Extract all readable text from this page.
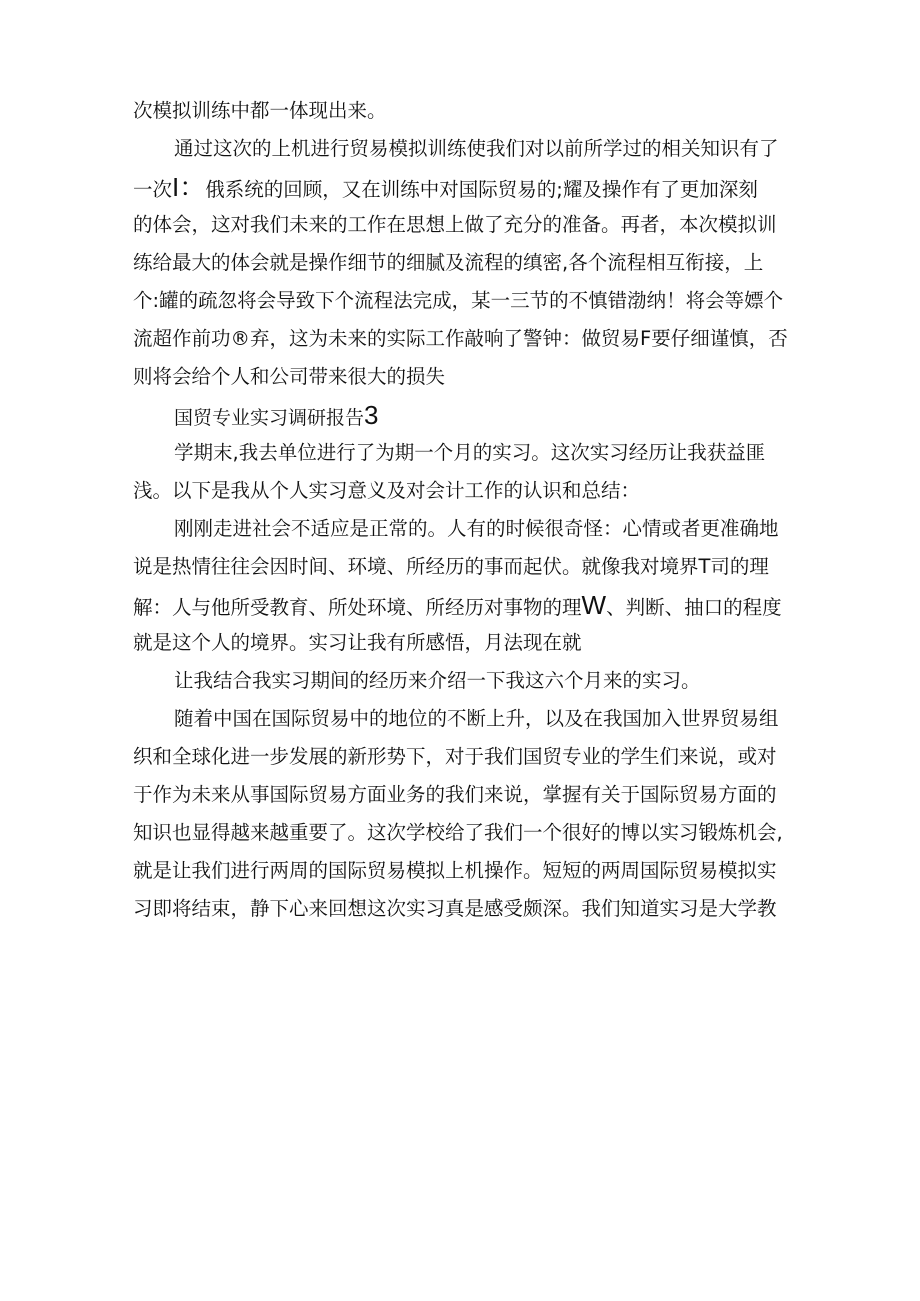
次模拟训练中都一体现出来。
通过这次的上机进行贸易模拟训练使我们对以前所学过的相关知识有了
一次I：俄系统的回顾，又在训练中对国际贸易的;耀及操作有了更加深刻
的体会，这对我们未来的工作在思想上做了充分的准备。再者，本次模拟训
练给最大的体会就是操作细节的细腻及流程的缜密,各个流程相互衔接，上
个:罐的疏忽将会导致下个流程法完成，某一三节的不慎错渤纳！将会等嫖个
流超作前功®弃，这为未来的实际工作敲响了警钟：做贸易F要仔细谨慎，否
则将会给个人和公司带来很大的损失
国贸专业实习调研报告3
学期末,我去单位进行了为期一个月的实习。这次实习经历让我获益匪
浅。以下是我从个人实习意义及对会计工作的认识和总结：
刚刚走进社会不适应是正常的。人有的时候很奇怪：心情或者更准确地
说是热情往往会因时间、环境、所经历的事而起伏。就像我对境界T司的理
解：人与他所受教育、所处环境、所经历对事物的理W、判断、抽口的程度
就是这个人的境界。实习让我有所感悟，月法现在就
让我结合我实习期间的经历来介绍一下我这六个月来的实习。
随着中国在国际贸易中的地位的不断上升，以及在我国加入世界贸易组
织和全球化进一步发展的新形势下，对于我们国贸专业的学生们来说，或对
于作为未来从事国际贸易方面业务的我们来说，掌握有关于国际贸易方面的
知识也显得越来越重要了。这次学校给了我们一个很好的博以实习锻炼机会,
就是让我们进行两周的国际贸易模拟上机操作。短短的两周国际贸易模拟实
习即将结束，静下心来回想这次实习真是感受颇深。我们知道实习是大学教
